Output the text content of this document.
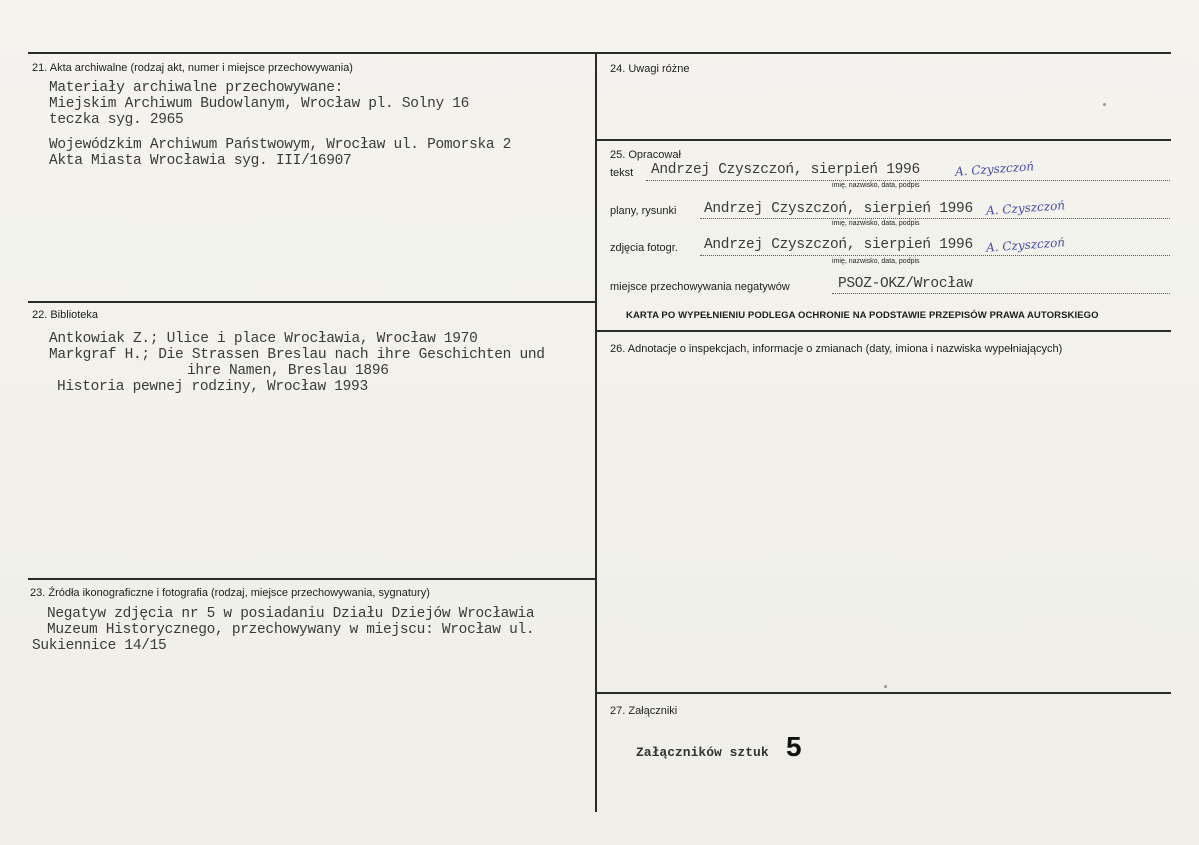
21. Akta archiwalne (rodzaj akt, numer i miejsce przechowywania)
Materiały archiwalne przechowywane:
Miejskim Archiwum Budowlanym, Wrocław pl. Solny 16
teczka syg. 2965
Wojewódzkim Archiwum Państwowym, Wrocław ul. Pomorska 2
Akta Miasta Wrocławia syg. III/16907
22. Biblioteka
Antkowiak Z.; Ulice i place Wrocławia, Wrocław 1970
Markgraf H.; Die Strassen Breslau nach ihre Geschichten und
ihre Namen, Breslau 1896
Historia pewnej rodziny, Wrocław 1993
23. Źródła ikonograficzne i fotografia (rodzaj, miejsce przechowywania, sygnatury)
Negatyw zdjęcia nr 5 w posiadaniu Działu Dziejów Wrocławia
Muzeum Historycznego, przechowywany w miejscu: Wrocław ul.
Sukiennice 14/15
24. Uwagi różne
25. Opracował
tekst Andrzej Czyszczoń, sierpień 1996	A. Czyszczoń
imię, nazwisko, data, podpis
plany, rysunki Andrzej Czyszczoń, sierpień 1996 A. Czyszczoń
imię, nazwisko, data, podpis
zdjęcia fotogr. Andrzej Czyszczoń, sierpień 1996 A. Czyszczoń
imię, nazwisko, data, podpis
miejsce przechowywania negatywów	PSOZ-OKZ/Wrocław
KARTA PO WYPEŁNIENIU PODLEGA OCHRONIE NA PODSTAWIE PRZEPISÓW PRAWA AUTORSKIEGO
26. Adnotacje o inspekcjach, informacje o zmianach (daty, imiona i nazwiska wypełniających)
27. Załączniki
Załączników sztuk 5
